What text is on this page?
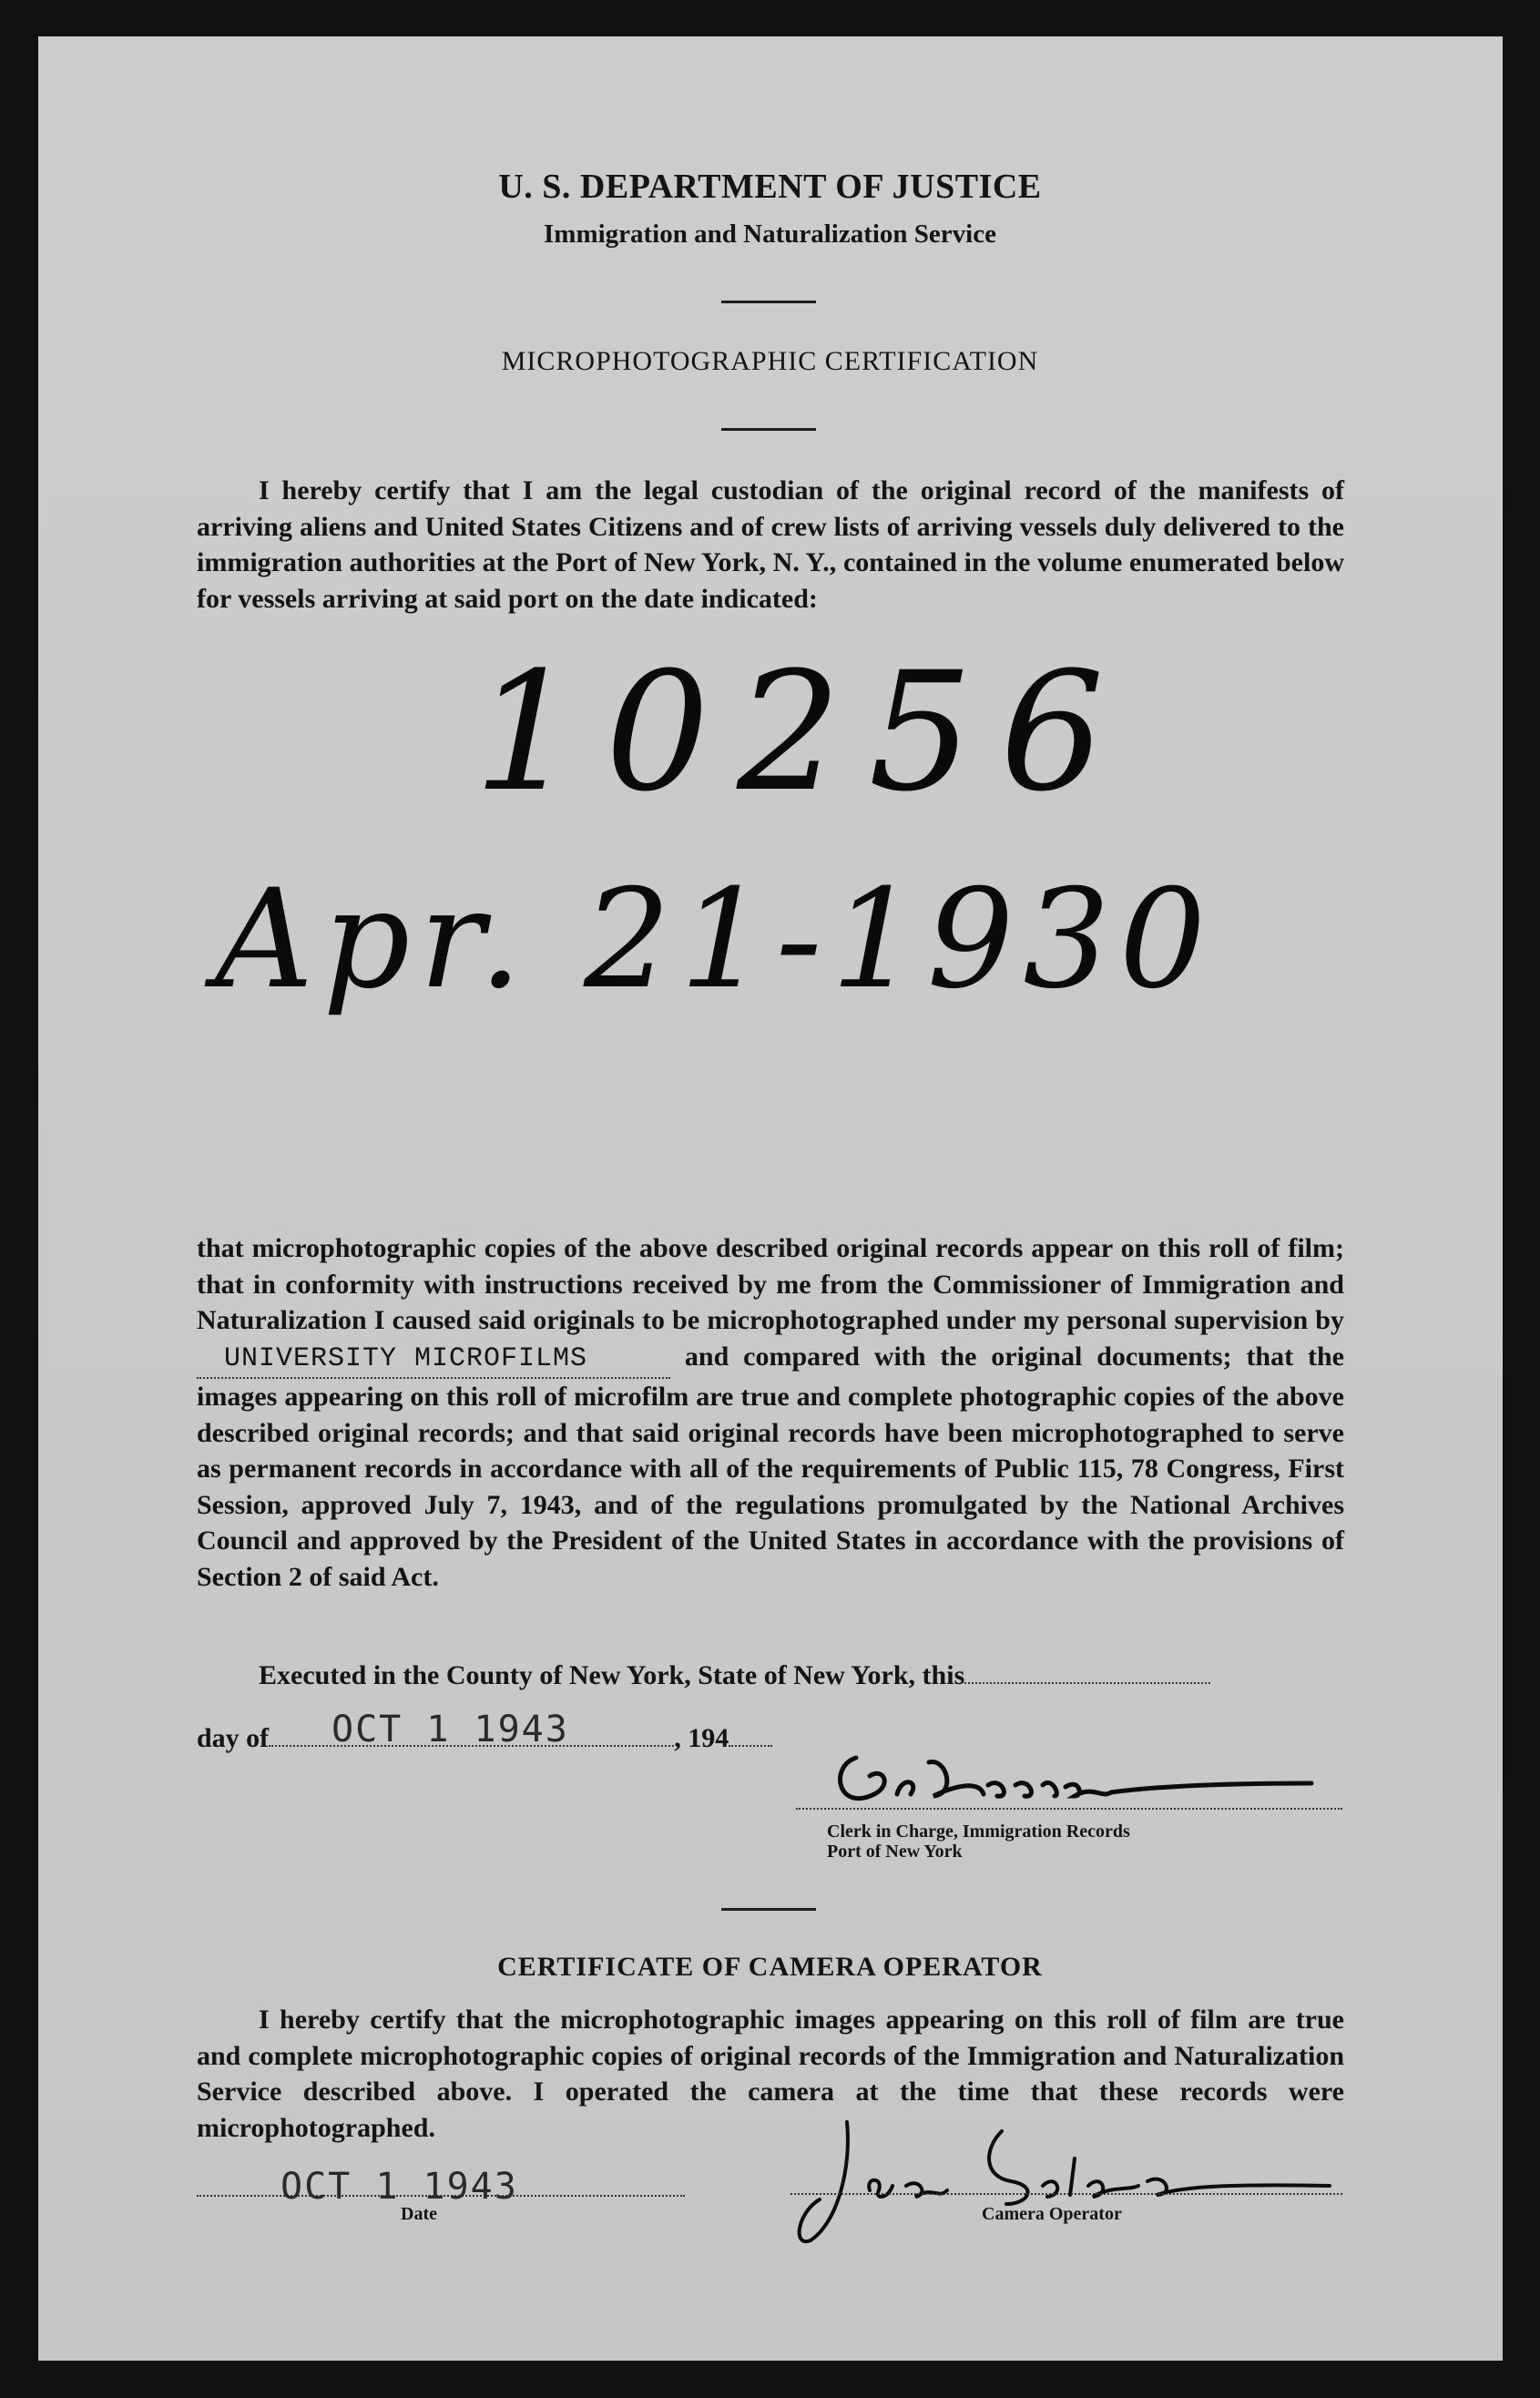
U. S. DEPARTMENT OF JUSTICE
Immigration and Naturalization Service
MICROPHOTOGRAPHIC CERTIFICATION
I hereby certify that I am the legal custodian of the original record of the manifests of arriving aliens and United States Citizens and of crew lists of arriving vessels duly delivered to the immigration authorities at the Port of New York, N. Y., contained in the volume enumerated below for vessels arriving at said port on the date indicated:
10256
Apr. 21-1930
that microphotographic copies of the above described original records appear on this roll of film; that in conformity with instructions received by me from the Commissioner of Immigration and Naturalization I caused said originals to be microphotographed under my personal supervision by UNIVERSITY MICROFILMS	and compared with the original documents; that the images appearing on this roll of microfilm are true and complete photographic copies of the above described original records; and that said original records have been microphotographed to serve as permanent records in accordance with all of the requirements of Public 115, 78 Congress, First Session, approved July 7, 1943, and of the regulations promulgated by the National Archives Council and approved by the President of the United States in accordance with the provisions of Section 2 of said Act.
Executed in the County of New York, State of New York, this
day of	, 194
OCT 1 1943
Clerk in Charge, Immigration Records
Port of New York
CERTIFICATE OF CAMERA OPERATOR
I hereby certify that the microphotographic images appearing on this roll of film are true and complete microphotographic copies of original records of the Immigration and Naturalization Service described above. I operated the camera at the time that these records were microphotographed.
OCT 1 1943
Date	Camera Operator
